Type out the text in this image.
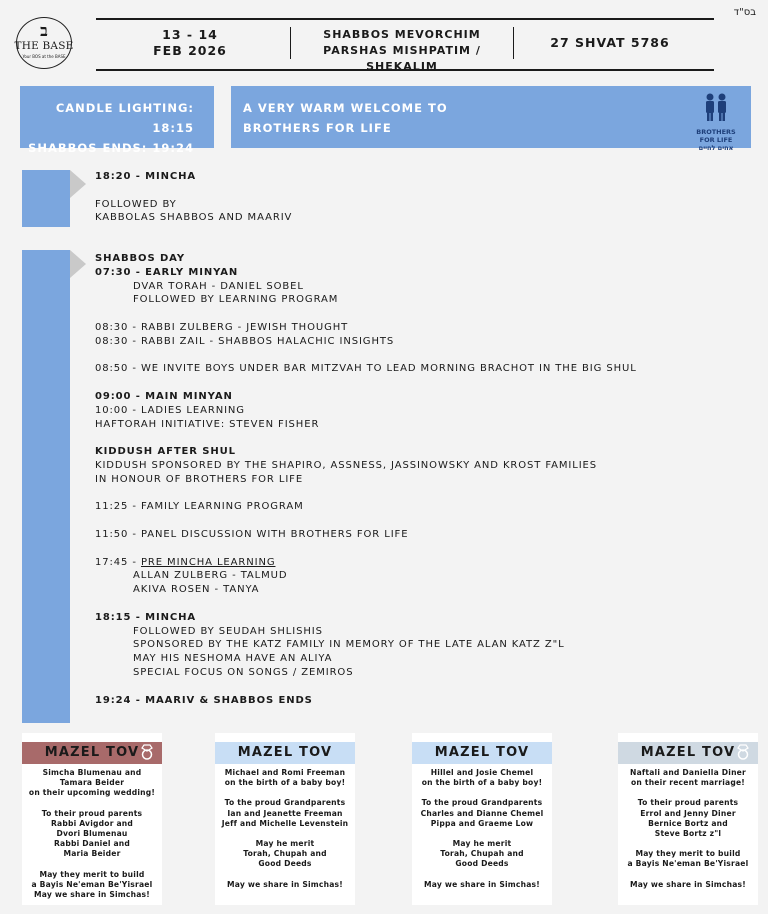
בס"ד
ב
THE BASE
Your BOS at the BASE
13 - 14
FEB 2026
SHABBOS MEVORCHIM
PARSHAS MISHPATIM / SHEKALIM
27 SHVAT 5786
CANDLE LIGHTING: 18:15
SHABBOS ENDS: 19:24
A VERY WARM WELCOME TO
BROTHERS FOR LIFE	BROTHERS FOR LIFE אחים לחיים
18:20 - MINCHA
FOLLOWED BY
KABBOLAS SHABBOS AND MAARIV
SHABBOS DAY
07:30 - EARLY MINYAN
DVAR TORAH - DANIEL SOBEL
FOLLOWED BY LEARNING PROGRAM
08:30 - RABBI ZULBERG - JEWISH THOUGHT
08:30 - RABBI ZAIL - SHABBOS HALACHIC INSIGHTS
08:50 - WE INVITE BOYS UNDER BAR MITZVAH TO LEAD MORNING BRACHOT IN THE BIG SHUL
09:00 - MAIN MINYAN
10:00 - LADIES LEARNING
HAFTORAH INITIATIVE: STEVEN FISHER
KIDDUSH AFTER SHUL
KIDDUSH SPONSORED BY THE SHAPIRO, ASSNESS, JASSINOWSKY AND KROST FAMILIES
IN HONOUR OF BROTHERS FOR LIFE
11:25 - FAMILY LEARNING PROGRAM
11:50 - PANEL DISCUSSION WITH BROTHERS FOR LIFE
17:45 - PRE MINCHA LEARNING
ALLAN ZULBERG - TALMUD
AKIVA ROSEN - TANYA
18:15 - MINCHA
FOLLOWED BY SEUDAH SHLISHIS
SPONSORED BY THE KATZ FAMILY IN MEMORY OF THE LATE ALAN KATZ Z"L
MAY HIS NESHOMA HAVE AN ALIYA
SPECIAL FOCUS ON SONGS / ZEMIROS
19:24 - MAARIV & SHABBOS ENDS
MAZEL TOV
Simcha Blumenau and
Tamara Beider
on their upcoming wedding!
To their proud parents
Rabbi Avigdor and
Dvori Blumenau
Rabbi Daniel and
Maria Beider
May they merit to build
a Bayis Ne'eman Be'Yisrael
May we share in Simchas!
MAZEL TOV
Michael and Romi Freeman
on the birth of a baby boy!
To the proud Grandparents
Ian and Jeanette Freeman
Jeff and Michelle Levenstein
May he merit
Torah, Chupah and
Good Deeds
May we share in Simchas!
MAZEL TOV
Hillel and Josie Chemel
on the birth of a baby boy!
To the proud Grandparents
Charles and Dianne Chemel
Pippa and Graeme Low
May he merit
Torah, Chupah and
Good Deeds
May we share in Simchas!
MAZEL TOV
Naftali and Daniella Diner
on their recent marriage!
To their proud parents
Errol and Jenny Diner
Bernice Bortz and
Steve Bortz z"l
May they merit to build
a Bayis Ne'eman Be'Yisrael
May we share in Simchas!
